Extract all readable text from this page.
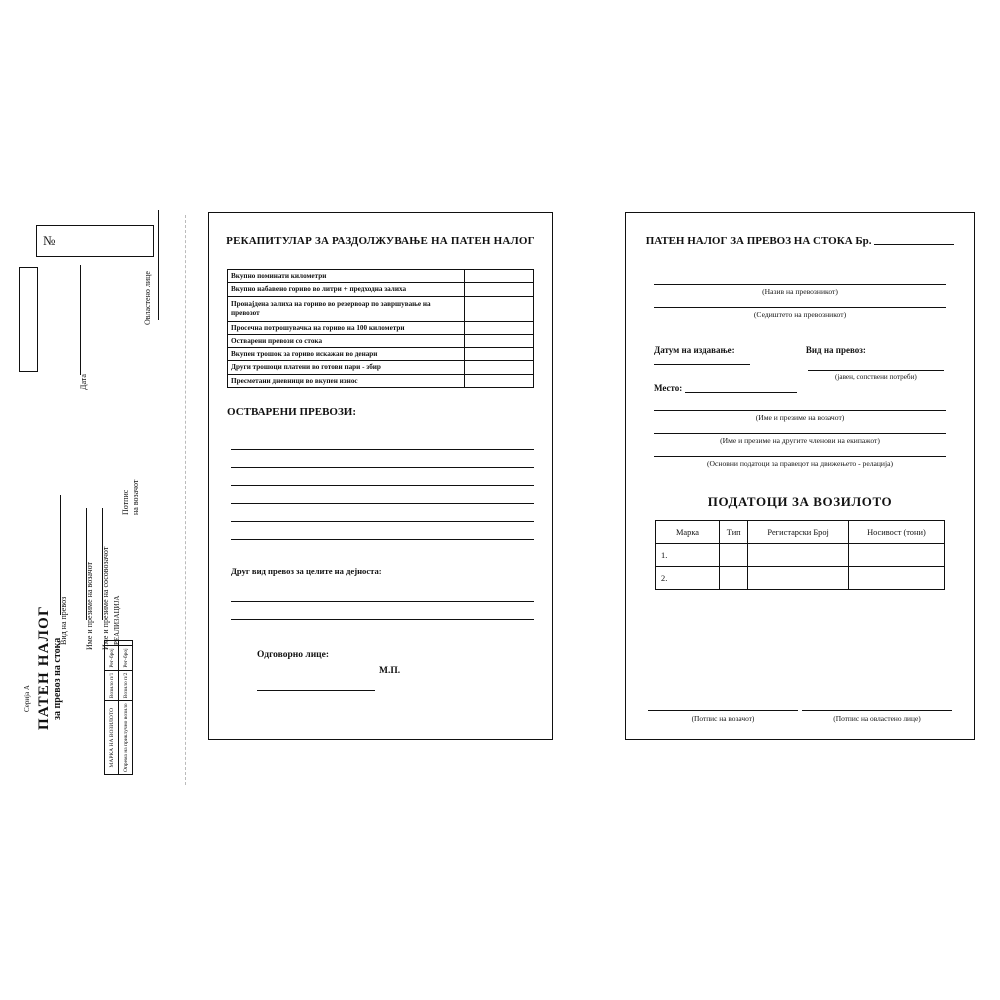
№
ПАТЕН НАЛОГ за превоз на стока
Серија А
Вид на превоз
Дата
Овластено лице
Потпис на возачот
Име и презиме на возачот Име и презиме на сосовозачот РЕАЛИЗАЦИЈА
МАРКА НА ВОЗИЛОТО	Возило п/1	Рег-број	
Опрема на приклучно возило	Возило п/2	Рег-број	
РЕКАПИТУЛАР ЗА РАЗДОЛЖУВАЊЕ НА ПАТЕН НАЛОГ
Вкупно поминати километри	
Вкупно набавено гориво во литри + предходна залиха	
Пронајдена залиха на гориво во резервоар по завршување на превозот	
Просечна потрошувачка на гориво на 100 километри	
Остварени превози со стока	
Вкупен трошок за гориво искажан во денари	
Други трошоци платени во готови пари - збир	
Пресметани дневници во вкупен износ	
ОСТВАРЕНИ ПРЕВОЗИ:
Друг вид превоз за целите на дејноста:
Одговорно лице:
М.П.
ПАТЕН НАЛОГ ЗА ПРЕВОЗ НА СТОКА Бр.
(Назив на превозникот)
(Седиштето на превозникот)
Датум на издавање:
Место:
Вид на превоз:
(јавен, сопствени потреби)
(Име и презиме на возачот)
(Име и презиме на другите членови на екипажот)
(Основни податоци за правецот на движењето - релација)
ПОДАТОЦИ ЗА ВОЗИЛОТО
Марка	Тип	Регистарски Број	Носивост (тони)
1.			
2.			
(Потпис на возачот)	(Потпис на овластено лице)
